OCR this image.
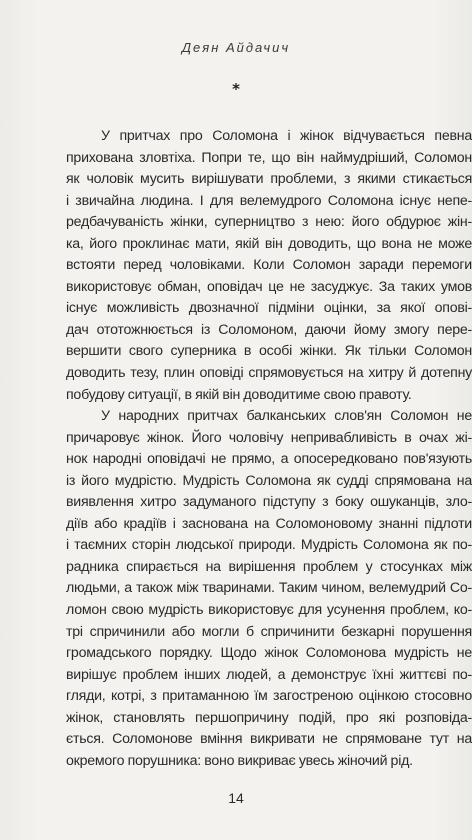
Деян Айдачич
*

У притчах про Соломона і жінок відчувається певна
прихована зловтіха. Попри те, що він наймудріший, Соломон
як чоловік мусить вирішувати проблеми, з якими стикається
і звичайна людина. І для велемудрого Соломона існує непе-
редбачуваність жінки, суперництво з нею: його обдурює жін-
ка, його проклинає мати, якій він доводить, що вона не може
встояти перед чоловіками. Коли Соломон заради перемоги
використовує обман, оповідач це не засуджує. За таких умов
існує можливість двозначної підміни оцінки, за якої опові-
дач ототожнюється із Соломоном, даючи йому змогу пере-
вершити свого суперника в особі жінки. Як тільки Соломон
доводить тезу, плин оповіді спрямовується на хитру й дотепну
побудову ситуації, в якій він доводитиме свою правоту.

У народних притчах балканських слов'ян Соломон не
причаровує жінок. Його чоловічу непривабливість в очах жі-
нок народні оповідачі не прямо, а опосередковано пов'язують
із його мудрістю. Мудрість Соломона як судді спрямована на
виявлення хитро задуманого підступу з боку ошуканців, зло-
діїв або крадіїв і заснована на Соломоновому знанні підлоти
і таємних сторін людської природи. Мудрість Соломона як по-
радника спирається на вирішення проблем у стосунках між
людьми, а також між тваринами. Таким чином, велемудрий Со-
ломон свою мудрість використовує для усунення проблем, ко-
трі спричинили або могли б спричинити безкарні порушення
громадського порядку. Щодо жінок Соломонова мудрість не
вирішує проблем інших людей, а демонструє їхні життєві по-
гляди, котрі, з притаманною їм загостреною оцінкою стосовно
жінок, становлять першопричину подій, про які розповіда-
ється. Соломонове вміння викривати не спрямоване тут на
окремого порушника: воно викриває увесь жіночий рід.

14
